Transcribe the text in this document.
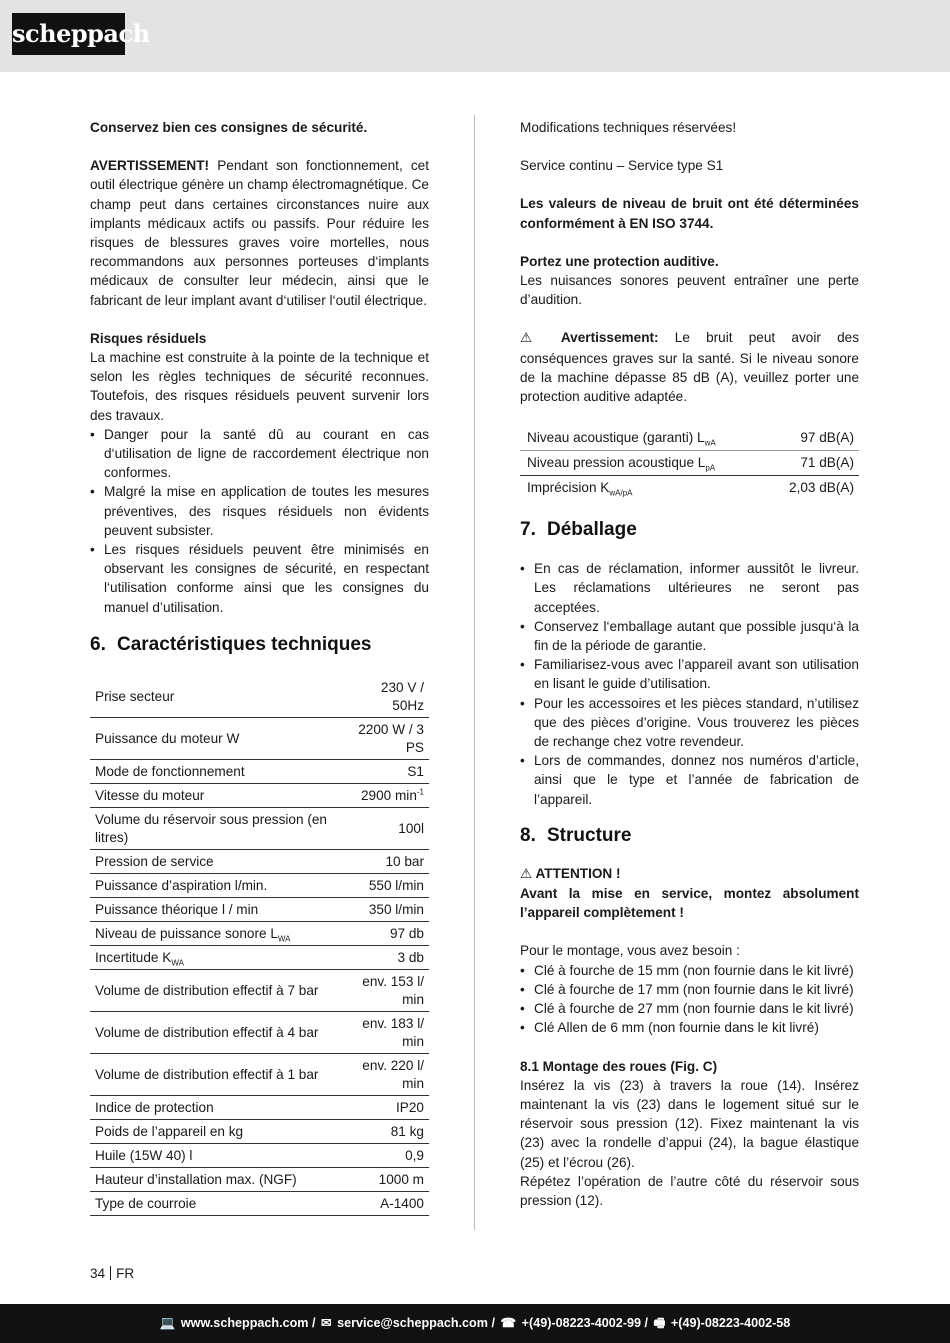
scheppach

Conservez bien ces consignes de sécurité.

AVERTISSEMENT! Pendant son fonctionnement, cet outil électrique génère un champ électromagnétique. Ce champ peut dans certaines circonstances nuire aux implants médicaux actifs ou passifs. Pour réduire les risques de blessures graves voire mortelles, nous recommandons aux personnes porteuses d‘implants médicaux de consulter leur médecin, ainsi que le fabricant de leur implant avant d‘utiliser l‘outil électrique.

Risques résiduels

La machine est construite à la pointe de la technique et selon les règles techniques de sécurité reconnues. Toutefois, des risques résiduels peuvent survenir lors des travaux.

• Danger pour la santé dû au courant en cas d‘utilisation de ligne de raccordement électrique non conformes.
• Malgré la mise en application de toutes les mesures préventives, des risques résiduels non évidents peuvent subsister.
• Les risques résiduels peuvent être minimisés en observant les consignes de sécurité, en respectant l‘utilisation conforme ainsi que les consignes du manuel d’utilisation.
6. Caractéristiques techniques
Prise secteur	230 V / 50Hz
Puissance du moteur W	2200 W / 3 PS
Mode de fonctionnement	S1
Vitesse du moteur	2900 $\min^{-1}$
Volume du réservoir sous pression (en litres)	100l
Pression de service	10 bar
Puissance d’aspiration l/min.	550 l/min
Puissance théorique l / min	350 l/min
Niveau de puissance sonore $L_{WA}$	97 db
Incertitude $K_{WA}$	3 db
Volume de distribution effectif à 7 bar	env. 153 l/ min
Volume de distribution effectif à 4 bar	env. 183 l/ min
Volume de distribution effectif à 1 bar	env. 220 l/ min
Indice de protection	IP20
Poids de l’appareil en kg	81 kg
Huile (15W 40) l	0,9
Hauteur d’installation max. (NGF)	1000 m
Type de courroie	A-1400

Modifications techniques réservées!

Service continu – Service type S1

Les valeurs de niveau de bruit ont été déterminées conformément à EN ISO 3744.

Portez une protection auditive.

Les nuisances sonores peuvent entraîner une perte d’audition.

⚠ Avertissement: Le bruit peut avoir des conséquences graves sur la santé. Si le niveau sonore de la machine dépasse 85 dB (A), veuillez porter une protection auditive adaptée.

Niveau acoustique (garanti) $L_{wA}$	97 dB(A)
Niveau pression acoustique $L_{pA}$	71 dB(A)
Imprécision $K_{wA/pA}$	2,03 dB(A)
7. Déballage
• En cas de réclamation, informer aussitôt le livreur. Les réclamations ultérieures ne seront pas acceptées.
• Conservez l‘emballage autant que possible jusqu‘à la fin de la période de garantie.
• Familiarisez-vous avec l’appareil avant son utilisation en lisant le guide d’utilisation.
• Pour les accessoires et les pièces standard, n’utilisez que des pièces d’origine. Vous trouverez les pièces de rechange chez votre revendeur.
• Lors de commandes, donnez nos numéros d’article, ainsi que le type et l’année de fabrication de l’appareil.
8. Structure

⚠ ATTENTION !

Avant la mise en service, montez absolument l’appareil complètement !

Pour le montage, vous avez besoin :

• Clé à fourche de 15 mm (non fournie dans le kit livré)
• Clé à fourche de 17 mm (non fournie dans le kit livré)
• Clé à fourche de 27 mm (non fournie dans le kit livré)
• Clé Allen de 6 mm (non fournie dans le kit livré)

8.1 Montage des roues (Fig. C)

Insérez la vis (23) à travers la roue (14). Insérez maintenant la vis (23) dans le logement situé sur le réservoir sous pression (12). Fixez maintenant la vis (23) avec la rondelle d’appui (24), la bague élastique (25) et l’écrou (26).

Répétez l’opération de l’autre côté du réservoir sous pression (12).

34 FR
💻 www.scheppach.com / ✉ service@scheppach.com / ☎ +(49)-08223-4002-99 / 🖷 +(49)-08223-4002-58
